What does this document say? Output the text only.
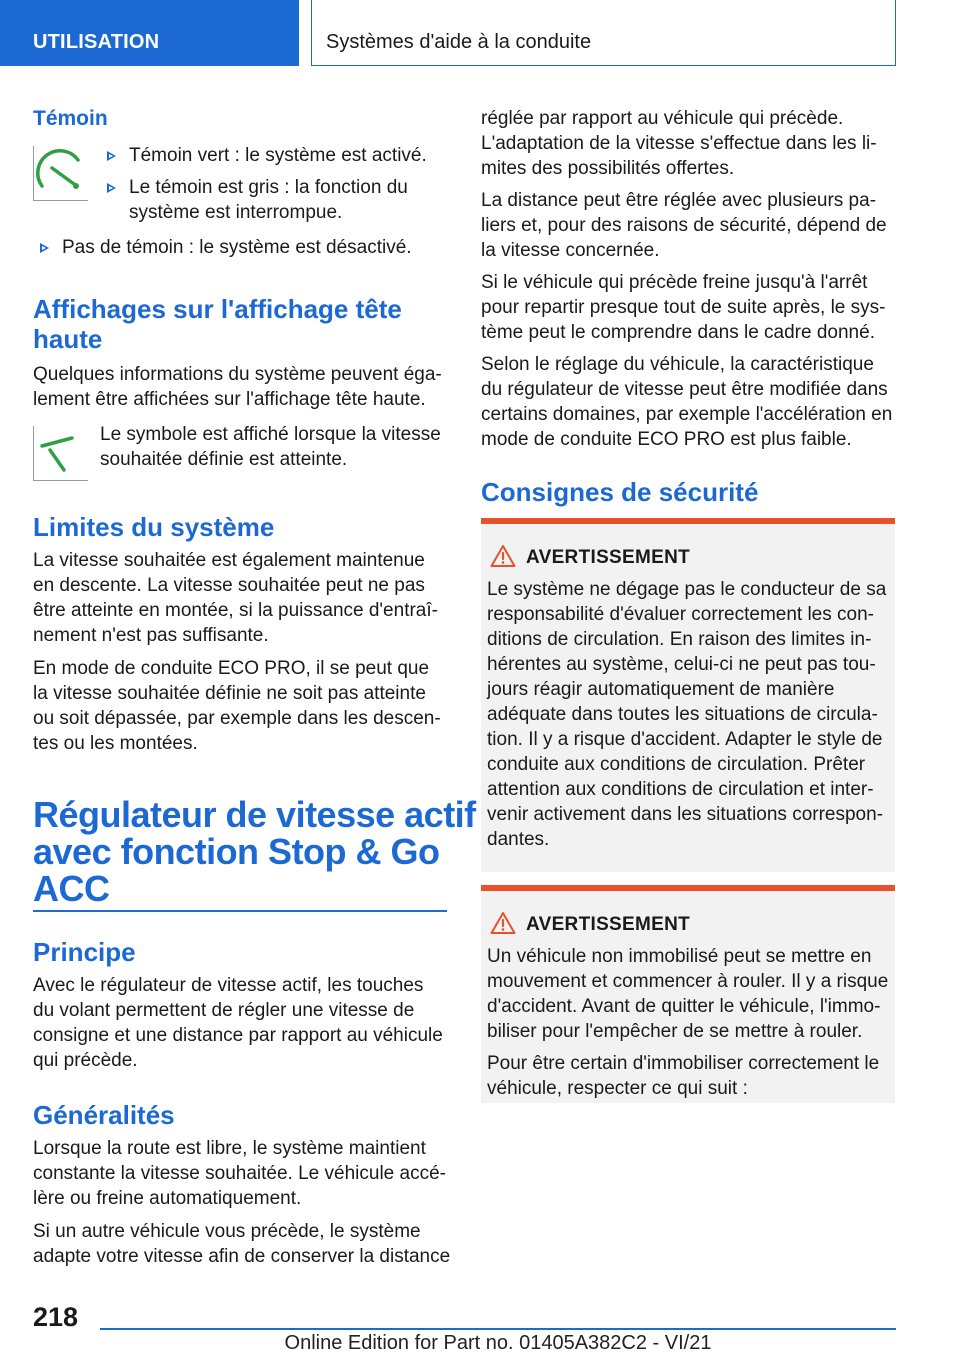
UTILISATION	Systèmes d'aide à la conduite
Témoin
Témoin vert : le système est activé.
Le témoin est gris : la fonction du
système est interrompue.
Pas de témoin : le système est désactivé.
Affichages sur l'affichage tête
haute
Quelques informations du système peuvent éga‐
lement être affichées sur l'affichage tête haute.
Le symbole est affiché lorsque la vitesse
souhaitée définie est atteinte.
Limites du système
La vitesse souhaitée est également maintenue
en descente. La vitesse souhaitée peut ne pas
être atteinte en montée, si la puissance d'entraî‐
nement n'est pas suffisante.
En mode de conduite ECO PRO, il se peut que
la vitesse souhaitée définie ne soit pas atteinte
ou soit dépassée, par exemple dans les descen‐
tes ou les montées.
Régulateur de vitesse actif
avec fonction Stop & Go
ACC
Principe
Avec le régulateur de vitesse actif, les touches
du volant permettent de régler une vitesse de
consigne et une distance par rapport au véhicule
qui précède.
Généralités
Lorsque la route est libre, le système maintient
constante la vitesse souhaitée. Le véhicule accé‐
lère ou freine automatiquement.
Si un autre véhicule vous précède, le système
adapte votre vitesse afin de conserver la distance
réglée par rapport au véhicule qui précède.
L'adaptation de la vitesse s'effectue dans les li‐
mites des possibilités offertes.
La distance peut être réglée avec plusieurs pa‐
liers et, pour des raisons de sécurité, dépend de
la vitesse concernée.
Si le véhicule qui précède freine jusqu'à l'arrêt
pour repartir presque tout de suite après, le sys‐
tème peut le comprendre dans le cadre donné.
Selon le réglage du véhicule, la caractéristique
du régulateur de vitesse peut être modifiée dans
certains domaines, par exemple l'accélération en
mode de conduite ECO PRO est plus faible.
Consignes de sécurité
AVERTISSEMENT
Le système ne dégage pas le conducteur de sa
responsabilité d'évaluer correctement les con‐
ditions de circulation. En raison des limites in‐
hérentes au système, celui-ci ne peut pas tou‐
jours réagir automatiquement de manière
adéquate dans toutes les situations de circula‐
tion. Il y a risque d'accident. Adapter le style de
conduite aux conditions de circulation. Prêter
attention aux conditions de circulation et inter‐
venir activement dans les situations correspon‐
dantes.
AVERTISSEMENT
Un véhicule non immobilisé peut se mettre en
mouvement et commencer à rouler. Il y a risque
d'accident. Avant de quitter le véhicule, l'immo‐
biliser pour l'empêcher de se mettre à rouler.
Pour être certain d'immobiliser correctement le
véhicule, respecter ce qui suit :
218
Online Edition for Part no. 01405A382C2 - VI/21
